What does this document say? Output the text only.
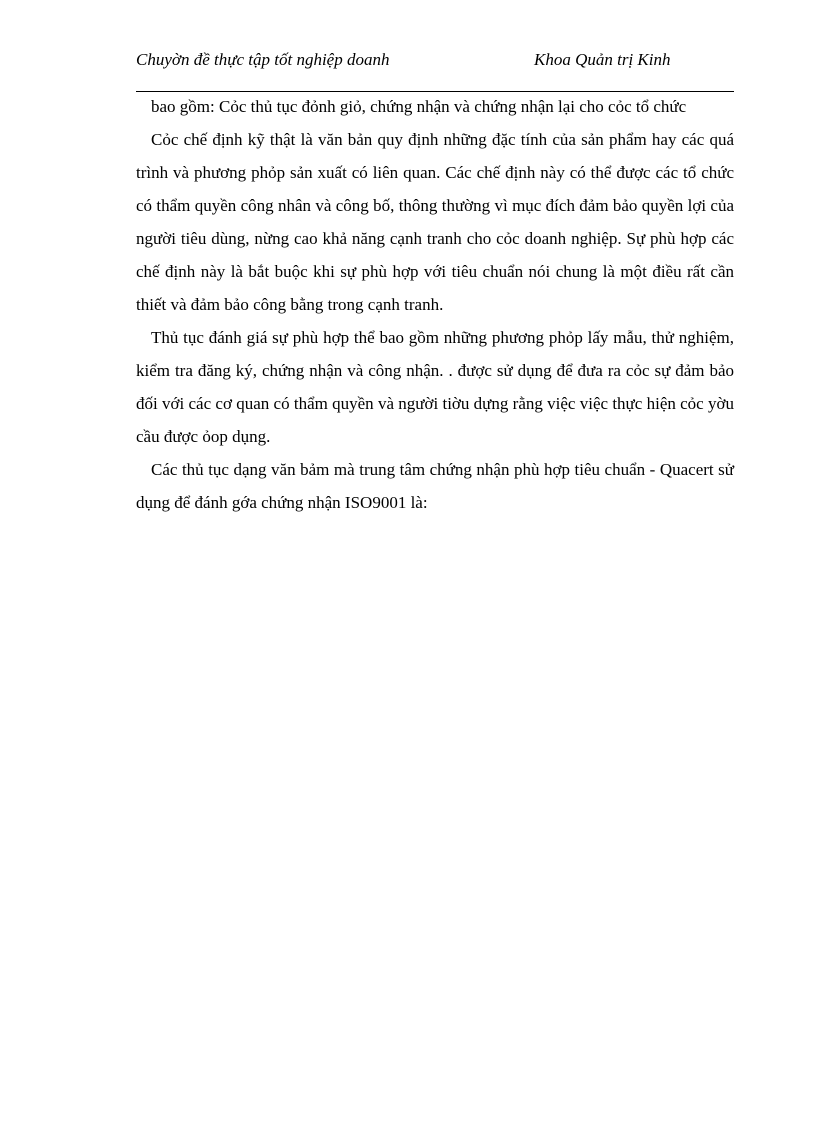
Chuyờn đề thực tập tốt nghiệp doanh	Khoa Quản trị Kinh

bao gồm: Cỏc thủ tục đỏnh giỏ, chứng nhận và chứng nhận lại cho cỏc tổ chức

Cỏc chế định kỹ thật là văn bản quy định những đặc tính của sản phẩm hay các quá trình và phương phỏp sản xuất có liên quan. Các chế định này có thể được các tổ chức có thẩm quyền công nhân và công bố, thông thường vì mục đích đảm bảo quyền lợi của người tiêu dùng, nừng cao khả năng cạnh tranh cho cỏc doanh nghiệp. Sự phù hợp các chế định này là bắt buộc khi sự phù hợp với tiêu chuẩn nói chung là một điều rất cần thiết và đảm bảo công bằng trong cạnh tranh.

Thủ tục đánh giá sự phù hợp thể bao gồm những phương phỏp lấy mẫu, thử nghiệm, kiểm tra đăng ký, chứng nhận và công nhận. . được sử dụng để đưa ra cỏc sự đảm bảo đối với các cơ quan có thẩm quyền và người tiờu dựng rằng việc việc thực hiện cỏc yờu cầu được ỏop dụng.

Các thủ tục dạng văn bảm mà trung tâm chứng nhận phù hợp tiêu chuẩn - Quacert sử dụng để đánh gớa chứng nhận ISO9001 là:
